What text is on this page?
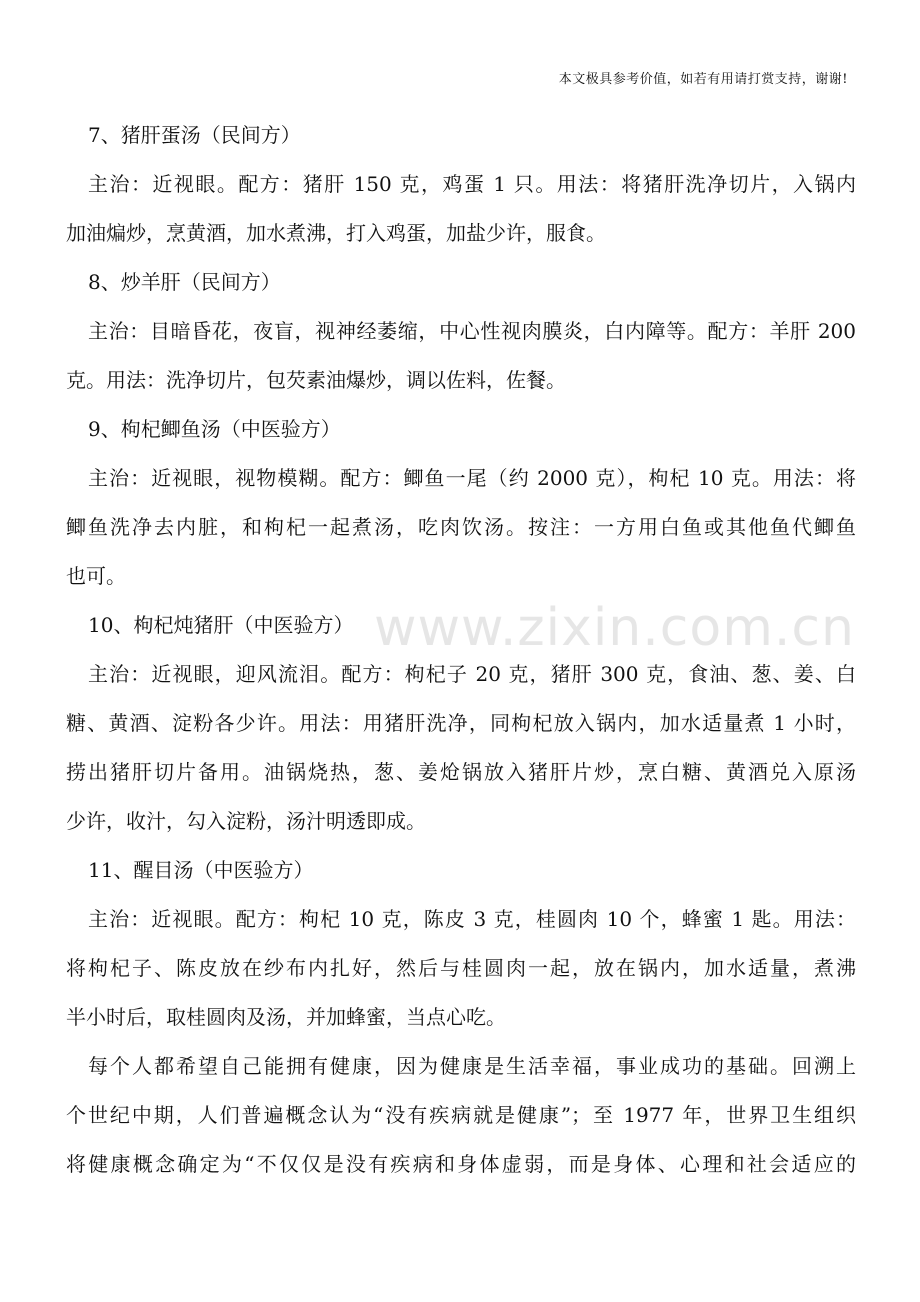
本文极具参考价值，如若有用请打赏支持，谢谢!
www.zixin.com.cn

7、猪肝蛋汤（民间方）

主治：近视眼。配方：猪肝 150 克，鸡蛋 1 只。用法：将猪肝洗净切片，入锅内

加油煸炒，烹黄酒，加水煮沸，打入鸡蛋，加盐少许，服食。

8、炒羊肝（民间方）

主治：目暗昏花，夜盲，视神经萎缩，中心性视肉膜炎，白内障等。配方：羊肝 200

克。用法：洗净切片，包芡素油爆炒，调以佐料，佐餐。

9、枸杞鲫鱼汤（中医验方）

主治：近视眼，视物模糊。配方：鲫鱼一尾（约 2000 克），枸杞 10 克。用法：将

鲫鱼洗净去内脏，和枸杞一起煮汤，吃肉饮汤。按注：一方用白鱼或其他鱼代鲫鱼

也可。

10、枸杞炖猪肝（中医验方）

主治：近视眼，迎风流泪。配方：枸杞子 20 克，猪肝 300 克，食油、葱、姜、白

糖、黄酒、淀粉各少许。用法：用猪肝洗净，同枸杞放入锅内，加水适量煮 1 小时，

捞出猪肝切片备用。油锅烧热，葱、姜炝锅放入猪肝片炒，烹白糖、黄酒兑入原汤

少许，收汁，勾入淀粉，汤汁明透即成。

11、醒目汤（中医验方）

主治：近视眼。配方：枸杞 10 克，陈皮 3 克，桂圆肉 10 个，蜂蜜 1 匙。用法：

将枸杞子、陈皮放在纱布内扎好，然后与桂圆肉一起，放在锅内，加水适量，煮沸

半小时后，取桂圆肉及汤，并加蜂蜜，当点心吃。

每个人都希望自己能拥有健康，因为健康是生活幸福，事业成功的基础。回溯上

个世纪中期，人们普遍概念认为“没有疾病就是健康”；至 1977 年，世界卫生组织

将健康概念确定为“不仅仅是没有疾病和身体虚弱，而是身体、心理和社会适应的
